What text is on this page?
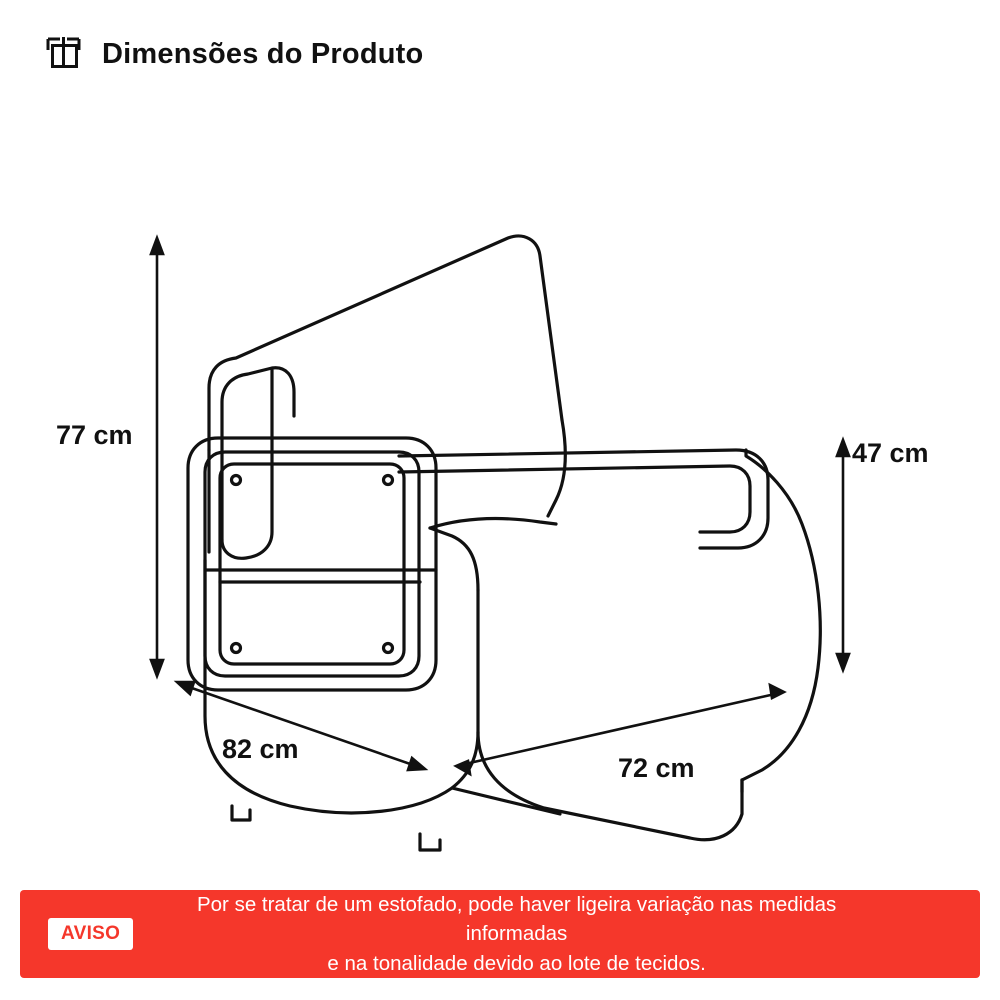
Dimensões do Produto
77 cm
47 cm
82 cm
72 cm
AVISO
Por se tratar de um estofado, pode haver ligeira variação nas medidas informadas
e na tonalidade devido ao lote de tecidos.
